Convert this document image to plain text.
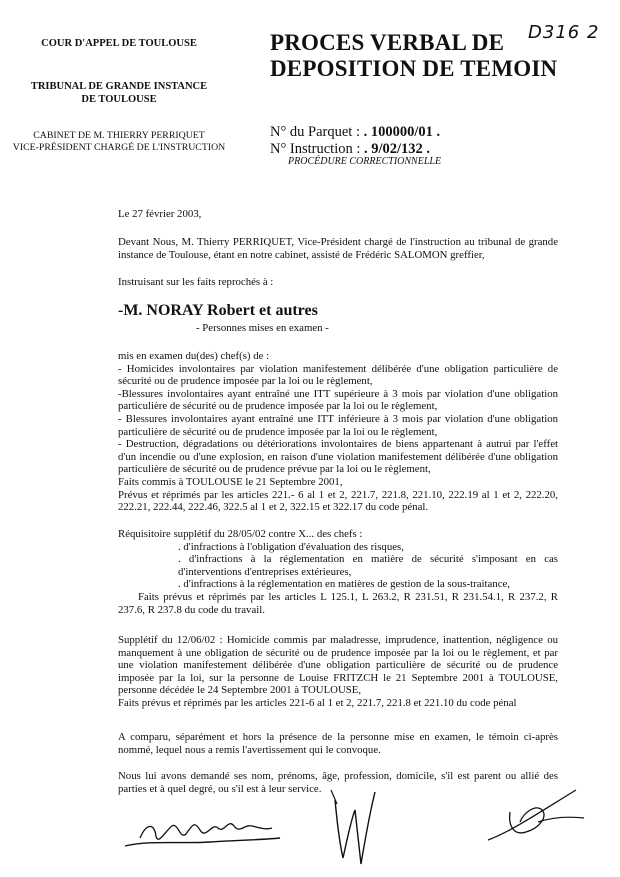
COUR D'APPEL DE TOULOUSE
TRIBUNAL DE GRANDE INSTANCE
DE TOULOUSE
CABINET DE M. THIERRY PERRIQUET
VICE-PRÉSIDENT CHARGÉ DE L'INSTRUCTION
PROCES VERBAL DE
DEPOSITION DE TEMOIN
D316 2
N° du Parquet : . 100000/01 .
N° Instruction : . 9/02/132 .
PROCÉDURE CORRECTIONNELLE
Le 27 février 2003,
Devant Nous, M. Thierry PERRIQUET, Vice-Président chargé de l'instruction au tribunal de grande instance de Toulouse, étant en notre cabinet, assisté de Frédéric SALOMON greffier,
Instruisant sur les faits reprochés à :
-M. NORAY Robert et autres
- Personnes mises en examen -
mis en examen du(des) chef(s) de :
- Homicides involontaires par violation manifestement délibérée d'une obligation particulière de sécurité ou de prudence imposée par la loi ou le règlement,
-Blessures involontaires ayant entraîné une ITT supérieure à 3 mois par violation d'une obligation particulière de sécurité ou de prudence imposée par la loi ou le règlement,
- Blessures involontaires ayant entraîné une ITT inférieure à 3 mois par violation d'une obligation particulière de sécurité ou de prudence imposée par la loi ou le règlement,
- Destruction, dégradations ou détériorations involontaires de biens appartenant à autrui par l'effet d'un incendie ou d'une explosion, en raison d'une violation manifestement délibérée d'une obligation particulière de sécurité ou de prudence prévue par la loi ou le règlement,
Faits commis à TOULOUSE le 21 Septembre 2001,
Prévus et réprimés par les articles 221.- 6 al 1 et 2, 221.7, 221.8, 221.10, 222.19 al 1 et 2, 222.20, 222.21, 222.44, 222.46, 322.5 al 1 et 2, 322.15 et 322.17 du code pénal.
Réquisitoire supplétif du 28/05/02 contre X... des chefs :
. d'infractions à l'obligation d'évaluation des risques,
. d'infractions à la réglementation en matière de sécurité s'imposant en cas d'interventions d'entreprises extérieures,
. d'infractions à la réglementation en matières de gestion de la sous-traitance,
Faits prévus et réprimés par les articles L 125.1, L 263.2, R 231.51, R 231.54.1, R 237.2, R 237.6, R 237.8 du code du travail.
Supplétif du 12/06/02 : Homicide commis par maladresse, imprudence, inattention, négligence ou manquement à une obligation de sécurité ou de prudence imposée par la loi ou le règlement, et par une violation manifestement délibérée d'une obligation particulière de sécurité ou de prudence imposée par la loi, sur la personne de Louise FRITZCH le 21 Septembre 2001 à TOULOUSE, personne décédée le 24 Septembre 2001 à TOULOUSE,
Faits prévus et réprimés par les articles 221-6 al 1 et 2, 221.7, 221.8 et 221.10 du code pénal
A comparu, séparément et hors la présence de la personne mise en examen, le témoin ci-après nommé, lequel nous a remis l'avertissement qui le convoque.
Nous lui avons demandé ses nom, prénoms, âge, profession, domicile, s'il est parent ou allié des parties et à quel degré, ou s'il est à leur service.
